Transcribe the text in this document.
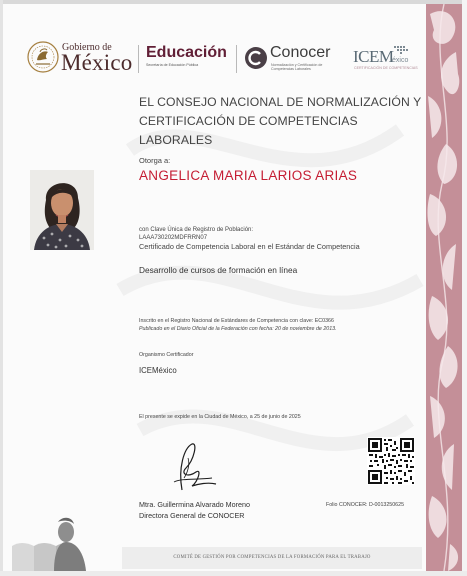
Gobierno de
México Educación
Secretaría de Educación Pública
Conocer
Normalización y Certificación de Competencias Laborales
ICEM
éxico
CERTIFICACIÓN DE COMPETENCIAS
EL CONSEJO NACIONAL DE NORMALIZACIÓN Y CERTIFICACIÓN DE COMPETENCIAS LABORALES
Otorga a:
ANGELICA MARIA LARIOS ARIAS
con Clave Única de Registro de Población:
LAAA730202MDFRRN07
Certificado de Competencia Laboral en el Estándar de Competencia
Desarrollo de cursos de formación en línea
Inscrito en el Registro Nacional de Estándares de Competencia con clave: EC0366
Publicado en el Diario Oficial de la Federación con fecha: 20 de noviembre de 2013.
Organismo Certificador
ICEMéxico
El presente se expide en la Ciudad de México, a 25 de junio de 2025
Mtra. Guillermina Alvarado Moreno
Directora General de CONOCER
Folio CONOCER: D-0013250625
COMITÉ DE GESTIÓN POR COMPETENCIAS DE LA FORMACIÓN PARA EL TRABAJO
